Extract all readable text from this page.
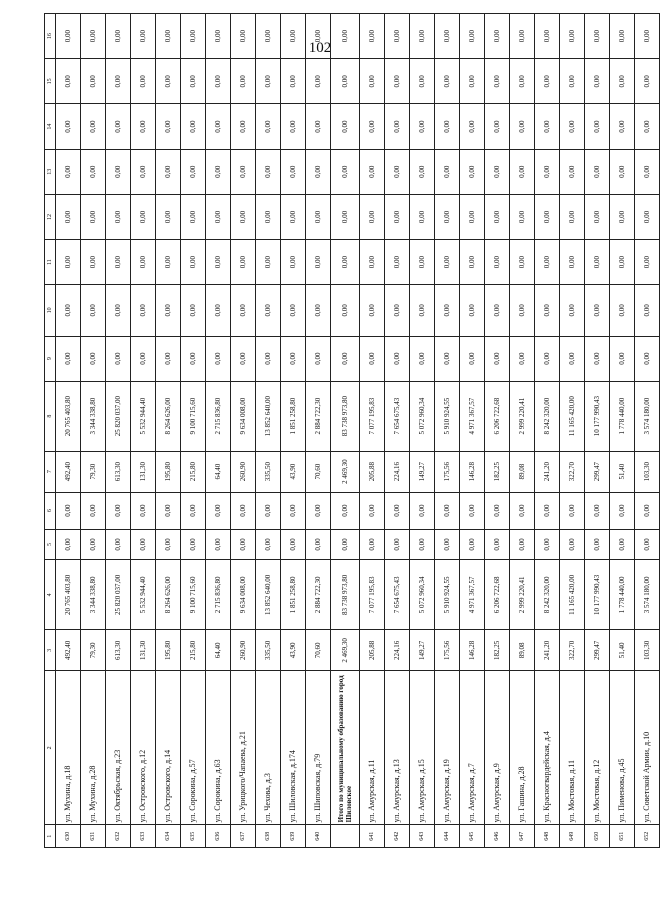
102
1	2	3	4	5	6	7	8	9	10	11	12	13	14	15	16
630	ул. Мухина, д.18	492,40	20 765 403,80	0,00	0,00	492,40	20 765 403,80	0,00	0,00	0,00	0,00	0,00	0,00	0,00	0,00
631	ул. Мухина, д.28	79,30	3 344 338,80	0,00	0,00	79,30	3 344 338,80	0,00	0,00	0,00	0,00	0,00	0,00	0,00	0,00
632	ул. Октябрьская, д.23	613,30	25 820 037,00	0,00	0,00	613,30	25 820 037,00	0,00	0,00	0,00	0,00	0,00	0,00	0,00	0,00
633	ул. Островского, д.12	131,30	5 532 944,40	0,00	0,00	131,30	5 532 944,40	0,00	0,00	0,00	0,00	0,00	0,00	0,00	0,00
634	ул. Островского, д.14	195,80	8 264 626,00	0,00	0,00	195,80	8 264 626,00	0,00	0,00	0,00	0,00	0,00	0,00	0,00	0,00
635	ул. Сорокина, д.57	215,80	9 100 715,60	0,00	0,00	215,80	9 100 715,60	0,00	0,00	0,00	0,00	0,00	0,00	0,00	0,00
636	ул. Сорокина, д.63	64,40	2 715 836,80	0,00	0,00	64,40	2 715 836,80	0,00	0,00	0,00	0,00	0,00	0,00	0,00	0,00
637	ул. Урицкого/Чапаева, д.21	260,90	9 634 008,00	0,00	0,00	260,90	9 634 008,00	0,00	0,00	0,00	0,00	0,00	0,00	0,00	0,00
638	ул. Чехова, д.3	335,50	13 852 640,00	0,00	0,00	335,50	13 852 640,00	0,00	0,00	0,00	0,00	0,00	0,00	0,00	0,00
639	ул. Шиловская, д.174	43,90	1 851 258,80	0,00	0,00	43,90	1 851 258,80	0,00	0,00	0,00	0,00	0,00	0,00	0,00	0,00
640	ул. Шиповская, д.79	70,60	2 884 722,30	0,00	0,00	70,60	2 884 722,30	0,00	0,00	0,00	0,00	0,00	0,00	0,00	0,00
	Итого по муниципальному образованию город Шиловское	2 469,30	83 738 973,80	0,00	0,00	2 469,30	83 738 973,80	0,00	0,00	0,00	0,00	0,00	0,00	0,00	0,00
641	ул. Амурская, д.11	205,88	7 077 195,83	0,00	0,00	205,88	7 077 195,83	0,00	0,00	0,00	0,00	0,00	0,00	0,00	0,00
642	ул. Амурская, д.13	224,16	7 654 675,43	0,00	0,00	224,16	7 654 675,43	0,00	0,00	0,00	0,00	0,00	0,00	0,00	0,00
643	ул. Амурская, д.15	149,27	5 072 960,34	0,00	0,00	149,27	5 072 960,34	0,00	0,00	0,00	0,00	0,00	0,00	0,00	0,00
644	ул. Амурская, д.19	175,56	5 910 924,55	0,00	0,00	175,56	5 910 924,55	0,00	0,00	0,00	0,00	0,00	0,00	0,00	0,00
645	ул. Амурская, д.7	146,28	4 971 367,57	0,00	0,00	146,28	4 971 367,57	0,00	0,00	0,00	0,00	0,00	0,00	0,00	0,00
646	ул. Амурская, д.9	182,25	6 206 722,68	0,00	0,00	182,25	6 206 722,68	0,00	0,00	0,00	0,00	0,00	0,00	0,00	0,00
647	ул. Гашина, д.28	89,08	2 999 220,41	0,00	0,00	89,08	2 999 220,41	0,00	0,00	0,00	0,00	0,00	0,00	0,00	0,00
648	ул. Красногвардейская, д.4	241,20	8 242 320,00	0,00	0,00	241,20	8 242 320,00	0,00	0,00	0,00	0,00	0,00	0,00	0,00	0,00
649	ул. Мостовая, д.11	322,70	11 165 420,00	0,00	0,00	322,70	11 165 420,00	0,00	0,00	0,00	0,00	0,00	0,00	0,00	0,00
650	ул. Мостовая, д.12	299,47	10 177 990,43	0,00	0,00	299,47	10 177 990,43	0,00	0,00	0,00	0,00	0,00	0,00	0,00	0,00
651	ул. Пименова, д.45	51,40	1 778 440,00	0,00	0,00	51,40	1 778 440,00	0,00	0,00	0,00	0,00	0,00	0,00	0,00	0,00
652	ул. Советской Армии, д.10	103,30	3 574 180,00	0,00	0,00	103,30	3 574 180,00	0,00	0,00	0,00	0,00	0,00	0,00	0,00	0,00
